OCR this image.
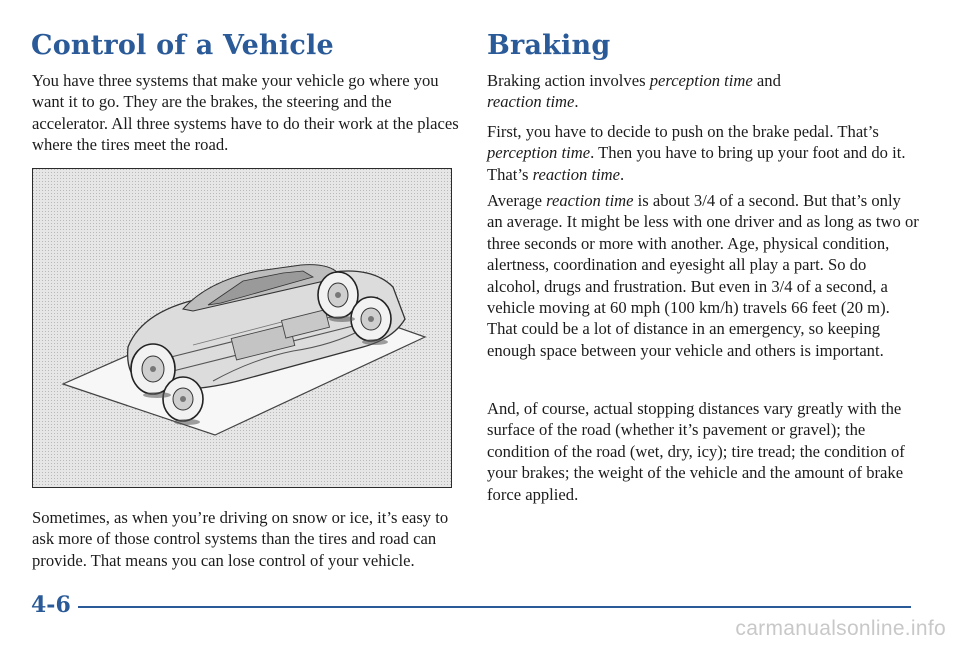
Control of a Vehicle

You have three systems that make your vehicle go where you want it to go. They are the brakes, the steering and the accelerator. All three systems have to do their work at the places where the tires meet the road.

Sometimes, as when you’re driving on snow or ice, it’s easy to ask more of those control systems than the tires and road can provide. That means you can lose control of your vehicle.

Braking

Braking action involves perception time and
reaction time.

First, you have to decide to push on the brake pedal. That’s perception time. Then you have to bring up your foot and do it. That’s reaction time.

Average reaction time is about 3/4 of a second. But that’s only an average. It might be less with one driver and as long as two or three seconds or more with another. Age, physical condition, alertness, coordination and eyesight all play a part. So do alcohol, drugs and frustration. But even in 3/4 of a second, a vehicle moving at 60 mph (100 km/h) travels 66 feet (20 m). That could be a lot of distance in an emergency, so keeping enough space between your vehicle and others is important.

And, of course, actual stopping distances vary greatly with the surface of the road (whether it’s pavement or gravel); the condition of the road (wet, dry, icy); tire tread; the condition of your brakes; the weight of the vehicle and the amount of brake force applied.

4-6

carmanualsonline.info
